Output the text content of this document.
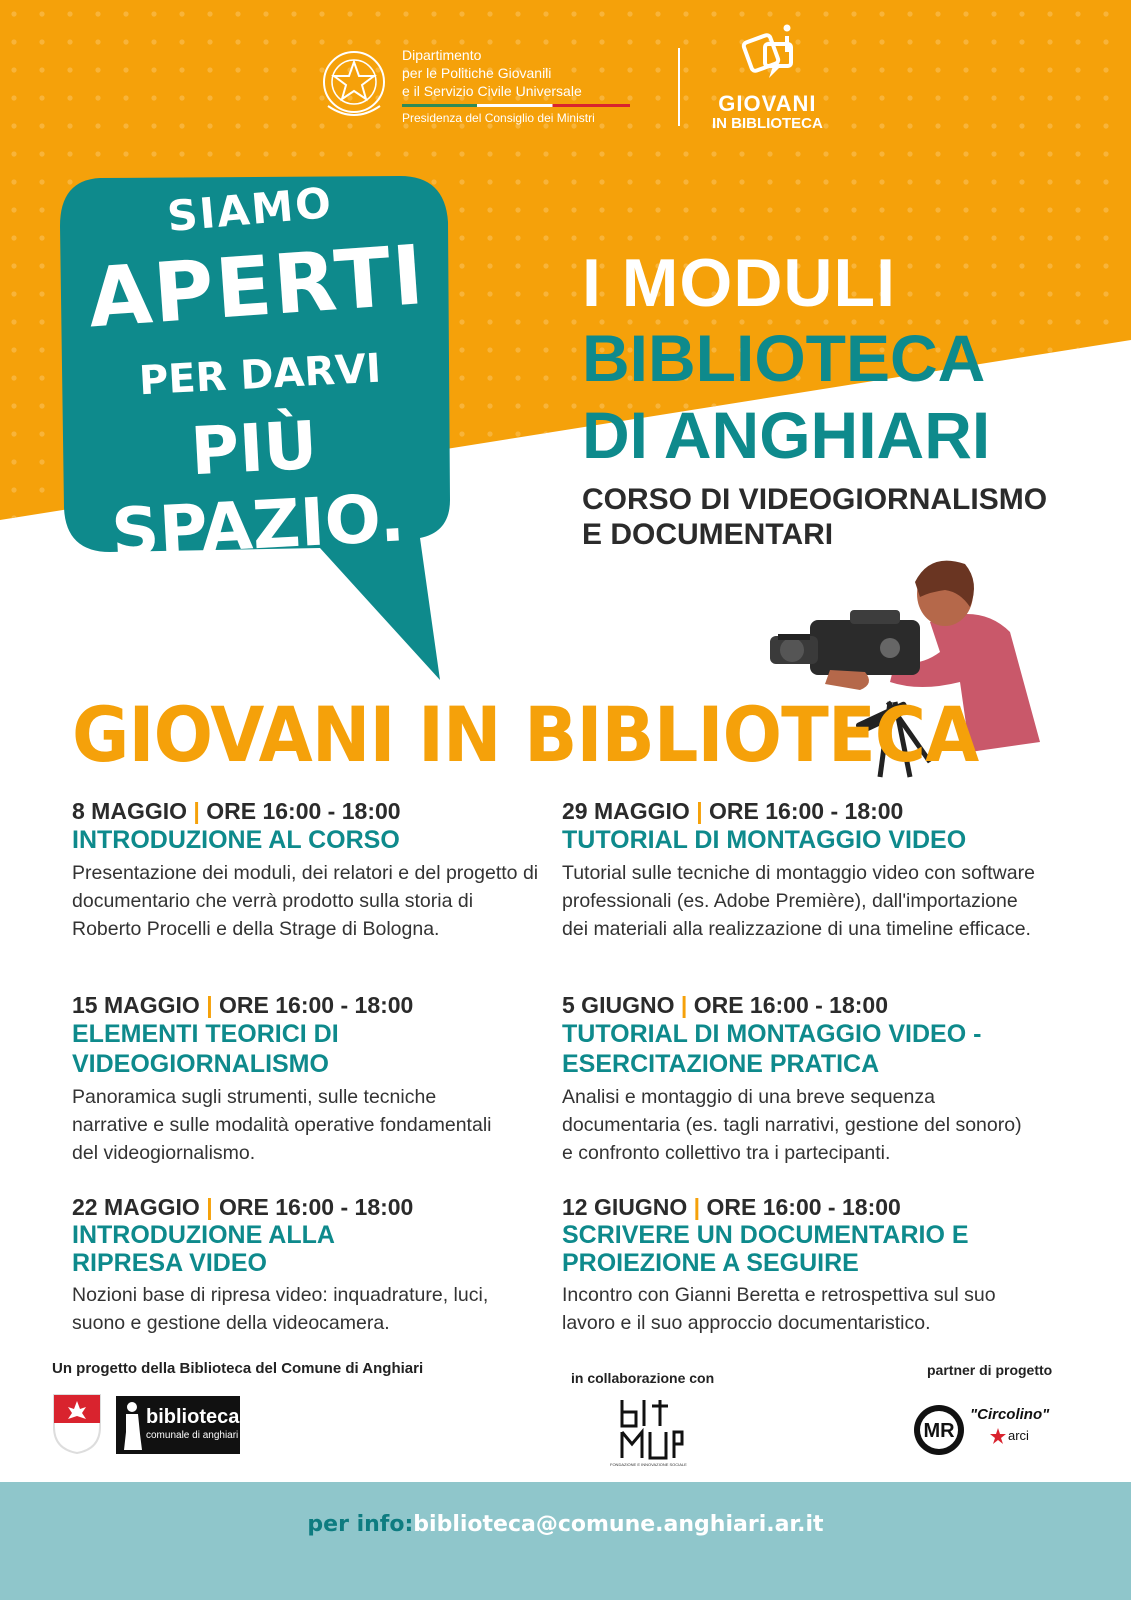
Dipartimento
per le Politiche Giovanili
e il Servizio Civile Universale
Presidenza del Consiglio dei Ministri
GIOVANI
IN BIBLIOTECA
SIAMO
APERTI
PER DARVI
PIÙ SPAZIO.
I MODULI
BIBLIOTECA
DI ANGHIARI
CORSO DI VIDEOGIORNALISMO
E DOCUMENTARI
GIOVANI IN BIBLIOTECA
8 MAGGIO | ORE 16:00 - 18:00
INTRODUZIONE AL CORSO
Presentazione dei moduli, dei relatori e del progetto di documentario che verrà prodotto sulla storia di Roberto Procelli e della Strage di Bologna.
15 MAGGIO | ORE 16:00 - 18:00
ELEMENTI TEORICI DI VIDEOGIORNALISMO
Panoramica sugli strumenti, sulle tecniche narrative e sulle modalità operative fondamentali del videogiornalismo.
22 MAGGIO | ORE 16:00 - 18:00
INTRODUZIONE ALLA RIPRESA VIDEO
Nozioni base di ripresa video: inquadrature, luci, suono e gestione della videocamera.
29 MAGGIO | ORE 16:00 - 18:00
TUTORIAL DI MONTAGGIO VIDEO
Tutorial sulle tecniche di montaggio video con software professionali (es. Adobe Première), dall'importazione dei materiali alla realizzazione di una timeline efficace.
5 GIUGNO | ORE 16:00 - 18:00
TUTORIAL DI MONTAGGIO VIDEO - ESERCITAZIONE PRATICA
Analisi e montaggio di una breve sequenza documentaria (es. tagli narrativi, gestione del sonoro) e confronto collettivo tra i partecipanti.
12 GIUGNO | ORE 16:00 - 18:00
SCRIVERE UN DOCUMENTARIO E PROIEZIONE A SEGUIRE
Incontro con Gianni Beretta e retrospettiva sul suo lavoro e il suo approccio documentaristico.
Un progetto della Biblioteca del Comune di Anghiari
in collaborazione con	partner di progetto
biblioteca
comunale di anghiari
FONDAZIONE E INNOVAZIONE SOCIALE
MR
"Circolino"
arci
per info:biblioteca@comune.anghiari.ar.it
